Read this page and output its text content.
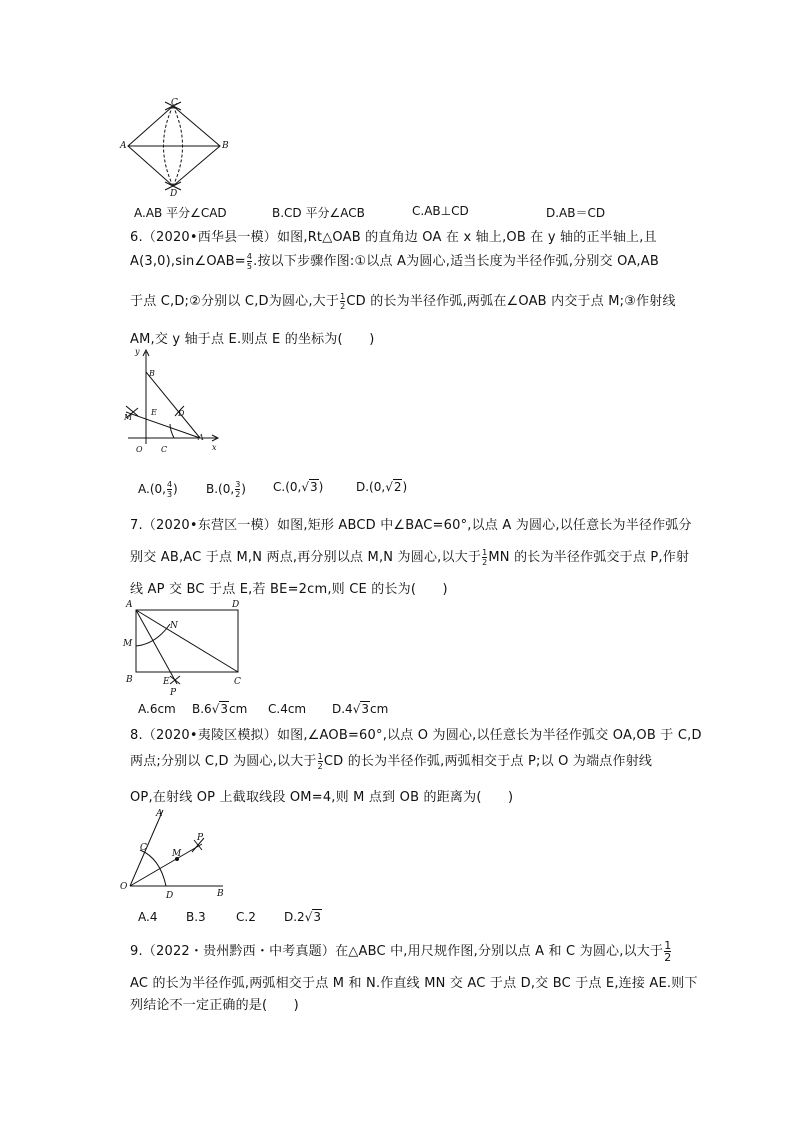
C
A	B
D
A.AB 平分∠CAD	B.CD 平分∠ACB	C.AB⊥CD	D.AB＝CD
6.（2020•西华县一模）如图,Rt△OAB 的直角边 OA 在 x 轴上,OB 在 y 轴的正半轴上,且
A(3,0),sin∠OAB= $\frac{4}{5}$ .按以下步骤作图:①以点 A为圆心,适当长度为半径作弧,分别交 OA,AB
于点 C,D;②分别以 C,D为圆心,大于 $\frac{1}{2}$ CD 的长为半径作弧,两弧在∠OAB 内交于点 M;③作射线
AM,交 y 轴于点 E.则点 E 的坐标为(　　)
y
B
E	D
M
O C
A
x
A.(0, $\frac{4}{3}$ ) B.(0, $\frac{3}{2}$ ) C.(0,√3)	D.(0,√2)
7.（2020•东营区一模）如图,矩形 ABCD 中∠BAC=60°,以点 A 为圆心,以任意长为半径作弧分
别交 AB,AC 于点 M,N 两点,再分别以点 M,N 为圆心,以大于 $\frac{1}{2}$ MN 的长为半径作弧交于点 P,作射
线 AP 交 BC 于点 E,若 BE=2cm,则 CE 的长为(　　)
A	D
N
M
B	E
P
C
A.6cm B.6√3cm C.4cm D.4√3cm
8.（2020•夷陵区模拟）如图,∠AOB=60°,以点 O 为圆心,以任意长为半径作弧交 OA,OB 于 C,D
两点;分别以 C,D 为圆心,以大于 $\frac{1}{2}$ CD 的长为半径作弧,两弧相交于点 P;以 O 为端点作射线
OP,在射线 OP 上截取线段 OM=4,则 M 点到 OB 的距离为(　　)
A
C
M
P
O
D	B
A.4 B.3	C.2 D.2√3
9.（2022・贵州黔西・中考真题）在△ABC 中,用尺规作图,分别以点 A 和 C 为圆心,以大于 $\frac{1}{2}$
AC 的长为半径作弧,两弧相交于点 M 和 N.作直线 MN 交 AC 于点 D,交 BC 于点 E,连接 AE.则下
列结论不一定正确的是(　　)
